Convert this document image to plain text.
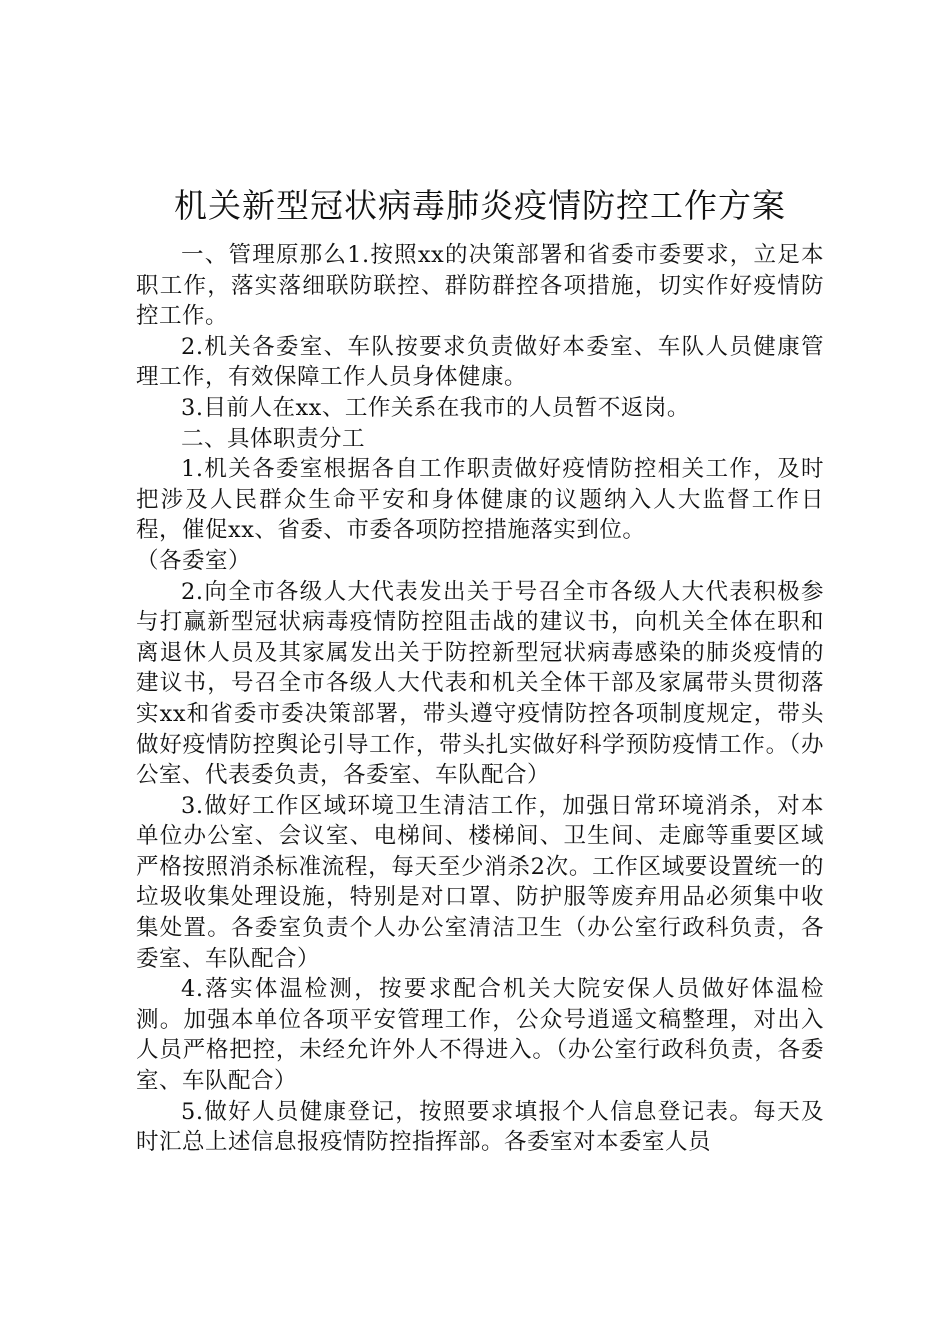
机关新型冠状病毒肺炎疫情防控工作方案

一、管理原那么1.按照xx的决策部署和省委市委要求，立足本职工作，落实落细联防联控、群防群控各项措施，切实作好疫情防控工作。

2.机关各委室、车队按要求负责做好本委室、车队人员健康管理工作，有效保障工作人员身体健康。

3.目前人在xx、工作关系在我市的人员暂不返岗。

二、具体职责分工

1.机关各委室根据各自工作职责做好疫情防控相关工作，及时把涉及人民群众生命平安和身体健康的议题纳入人大监督工作日程，催促xx、省委、市委各项防控措施落实到位。

（各委室）

2.向全市各级人大代表发出关于号召全市各级人大代表积极参与打赢新型冠状病毒疫情防控阻击战的建议书，向机关全体在职和离退休人员及其家属发出关于防控新型冠状病毒感染的肺炎疫情的建议书，号召全市各级人大代表和机关全体干部及家属带头贯彻落实xx和省委市委决策部署，带头遵守疫情防控各项制度规定，带头做好疫情防控舆论引导工作，带头扎实做好科学预防疫情工作。（办公室、代表委负责，各委室、车队配合）

3.做好工作区域环境卫生清洁工作，加强日常环境消杀，对本单位办公室、会议室、电梯间、楼梯间、卫生间、走廊等重要区域严格按照消杀标准流程，每天至少消杀2次。工作区域要设置统一的垃圾收集处理设施，特别是对口罩、防护服等废弃用品必须集中收集处置。各委室负责个人办公室清洁卫生（办公室行政科负责，各委室、车队配合）

4.落实体温检测，按要求配合机关大院安保人员做好体温检测。加强本单位各项平安管理工作，公众号逍遥文稿整理，对出入人员严格把控，未经允许外人不得进入。（办公室行政科负责，各委室、车队配合）

5.做好人员健康登记，按照要求填报个人信息登记表。每天及时汇总上述信息报疫情防控指挥部。各委室对本委室人员
